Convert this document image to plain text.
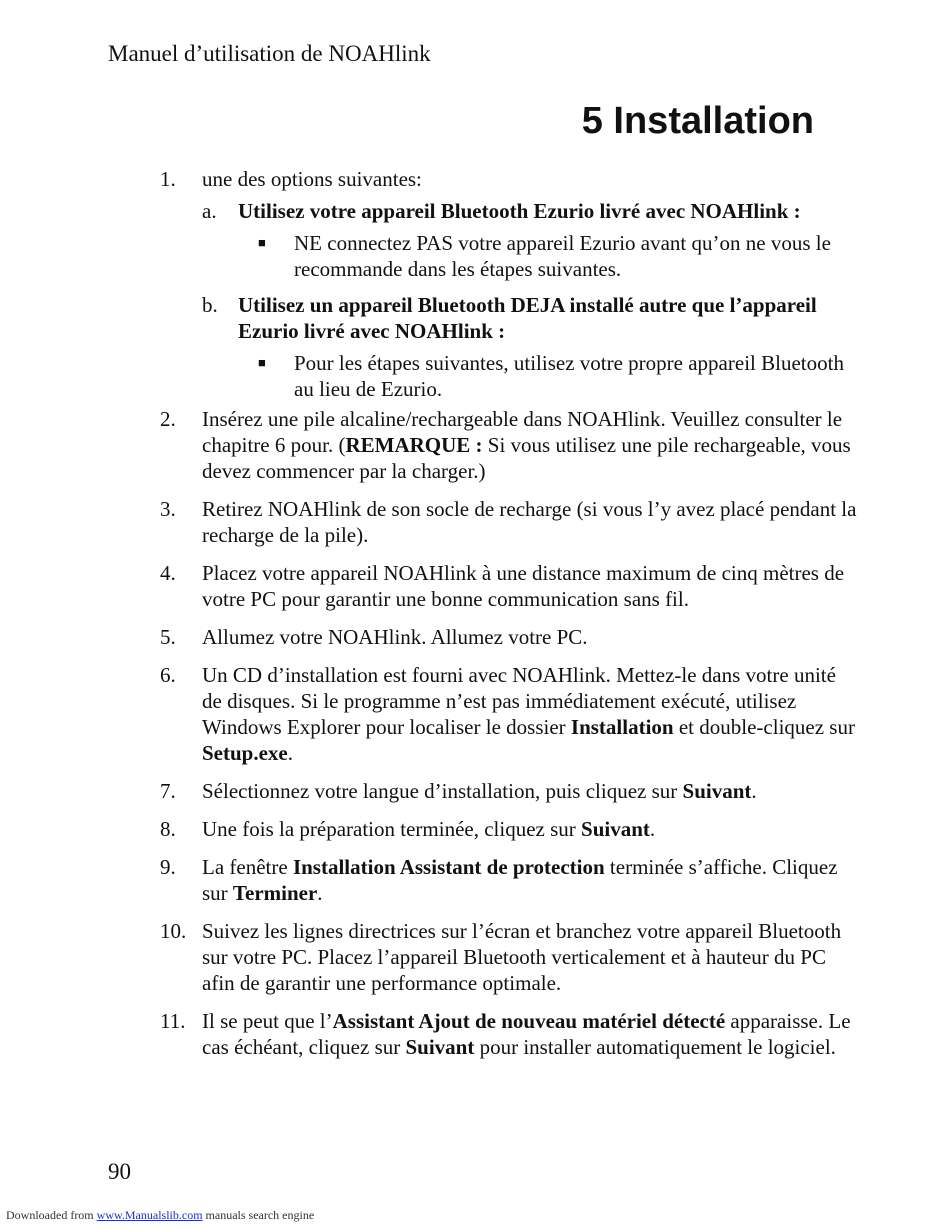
Manuel d’utilisation de NOAHlink
5 Installation
1.	une des options suivantes:
a.	Utilisez votre appareil Bluetooth Ezurio livré avec NOAHlink :
■	NE connectez PAS votre appareil Ezurio avant qu’on ne vous le recommande dans les étapes suivantes.
b. Utilisez un appareil Bluetooth DEJA installé autre que l’appareil Ezurio livré avec NOAHlink :
■	Pour les étapes suivantes, utilisez votre propre appareil Bluetooth au lieu de Ezurio.
2.	Insérez une pile alcaline/rechargeable dans NOAHlink. Veuillez consulter le chapitre 6 pour. (REMARQUE : Si vous utilisez une pile rechargeable, vous devez commencer par la charger.)
3.	Retirez NOAHlink de son socle de recharge (si vous l’y avez placé pendant la recharge de la pile).
4.	Placez votre appareil NOAHlink à une distance maximum de cinq mètres de votre PC pour garantir une bonne communication sans fil.
5.	Allumez votre NOAHlink. Allumez votre PC.
6.	Un CD d’installation est fourni avec NOAHlink. Mettez-le dans votre unité de disques. Si le programme n’est pas immédiatement exécuté, utilisez Windows Explorer pour localiser le dossier Installation et double-cliquez sur Setup.exe.
7.	Sélectionnez votre langue d’installation, puis cliquez sur Suivant.
8.	Une fois la préparation terminée, cliquez sur Suivant.
9.	La fenêtre Installation Assistant de protection terminée s’affiche. Cliquez sur Terminer.
10. Suivez les lignes directrices sur l’écran et branchez votre appareil Bluetooth sur votre PC. Placez l’appareil Bluetooth verticalement et à hauteur du PC afin de garantir une performance optimale.
11. Il se peut que l’Assistant Ajout de nouveau matériel détecté apparaisse. Le cas échéant, cliquez sur Suivant pour installer automatiquement le logiciel.
90
Downloaded from www.Manualslib.com manuals search engine
